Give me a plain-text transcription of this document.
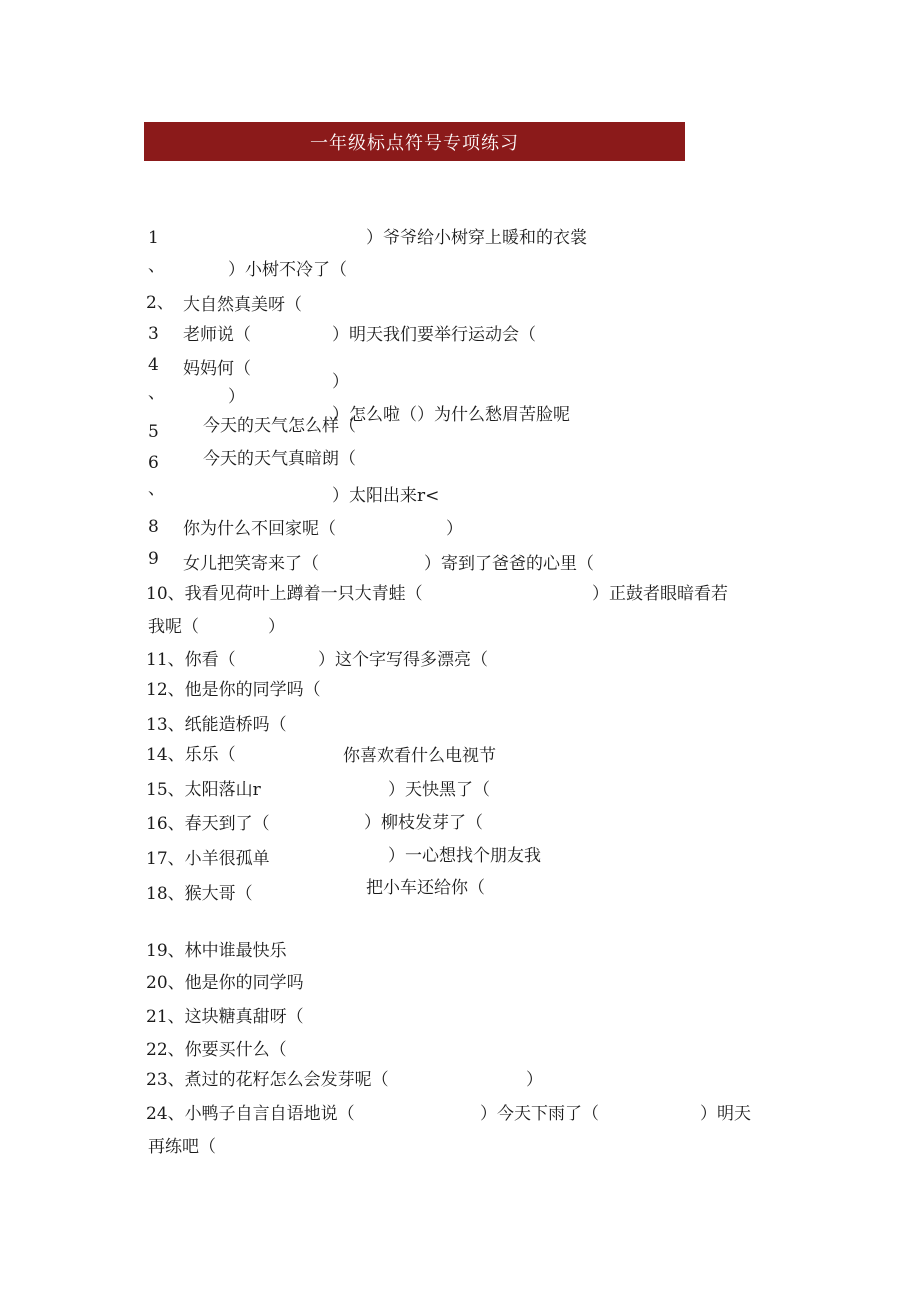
一年级标点符号专项练习
1	）爷爷给小树穿上暖和的衣裳
、	）小树不冷了（
2、 大自然真美呀（
3 老师说（	）明天我们要举行运动会（
4 妈妈何（
）
、	）
）怎么啦（）为什么愁眉苦脸呢
5	今天的天气怎么样（
6	今天的天气真暗朗（
、	）太阳出来r<
8 你为什么不回家呢（	）
9 女儿把笑寄来了（	）寄到了爸爸的心里（
10、我看见荷叶上蹲着一只大青蛙（	）正鼓者眼暗看若
我呢（	）
11、你看（	）这个字写得多漂亮（
12、他是你的同学吗（
13、纸能造桥吗（
14、乐乐（	你喜欢看什么电视节
15、太阳落山r	）天快黑了（
16、春天到了（	）柳枝发芽了（
17、小羊很孤单	）一心想找个朋友我
18、猴大哥（	把小车还给你（
19、林中谁最快乐
20、他是你的同学吗
21、这块糖真甜呀（
22、你要买什么（
23、煮过的花籽怎么会发芽呢（	）
24、小鸭子自言自语地说（	）今天下雨了（	）明天
再练吧（
